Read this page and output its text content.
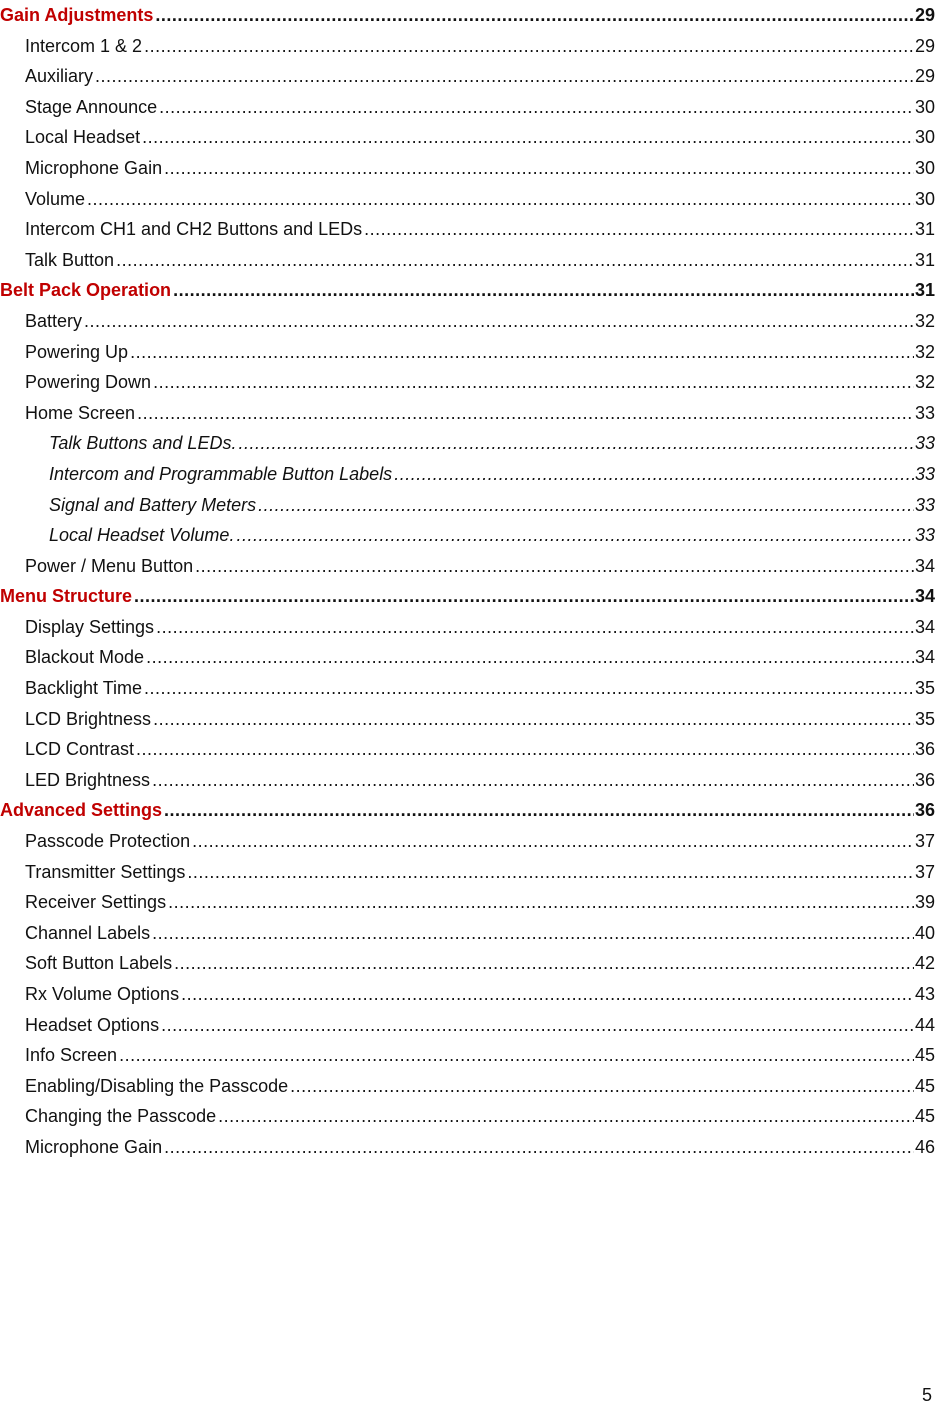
Gain Adjustments .....	29
Intercom 1 & 2 .....	29
Auxiliary .....	29
Stage Announce .....	30
Local Headset .....	30
Microphone Gain .....	30
Volume .....	30
Intercom CH1 and CH2 Buttons and LEDs .....	31
Talk Button .....	31
Belt Pack Operation .....	31
Battery .....	32
Powering Up .....	32
Powering Down .....	32
Home Screen .....	33
Talk Buttons and LEDs. .....	33
Intercom and Programmable Button Labels .....	33
Signal and Battery Meters .....	33
Local Headset Volume. .....	33
Power / Menu Button .....	34
Menu Structure .....	34
Display Settings .....	34
Blackout Mode .....	34
Backlight Time .....	35
LCD Brightness .....	35
LCD Contrast .....	36
LED Brightness .....	36
Advanced Settings .....	36
Passcode Protection .....	37
Transmitter Settings .....	37
Receiver Settings .....	39
Channel Labels .....	40
Soft Button Labels .....	42
Rx Volume Options .....	43
Headset Options .....	44
Info Screen .....	45
Enabling/Disabling the Passcode .....	45
Changing the Passcode .....	45
Microphone Gain .....	46
5
